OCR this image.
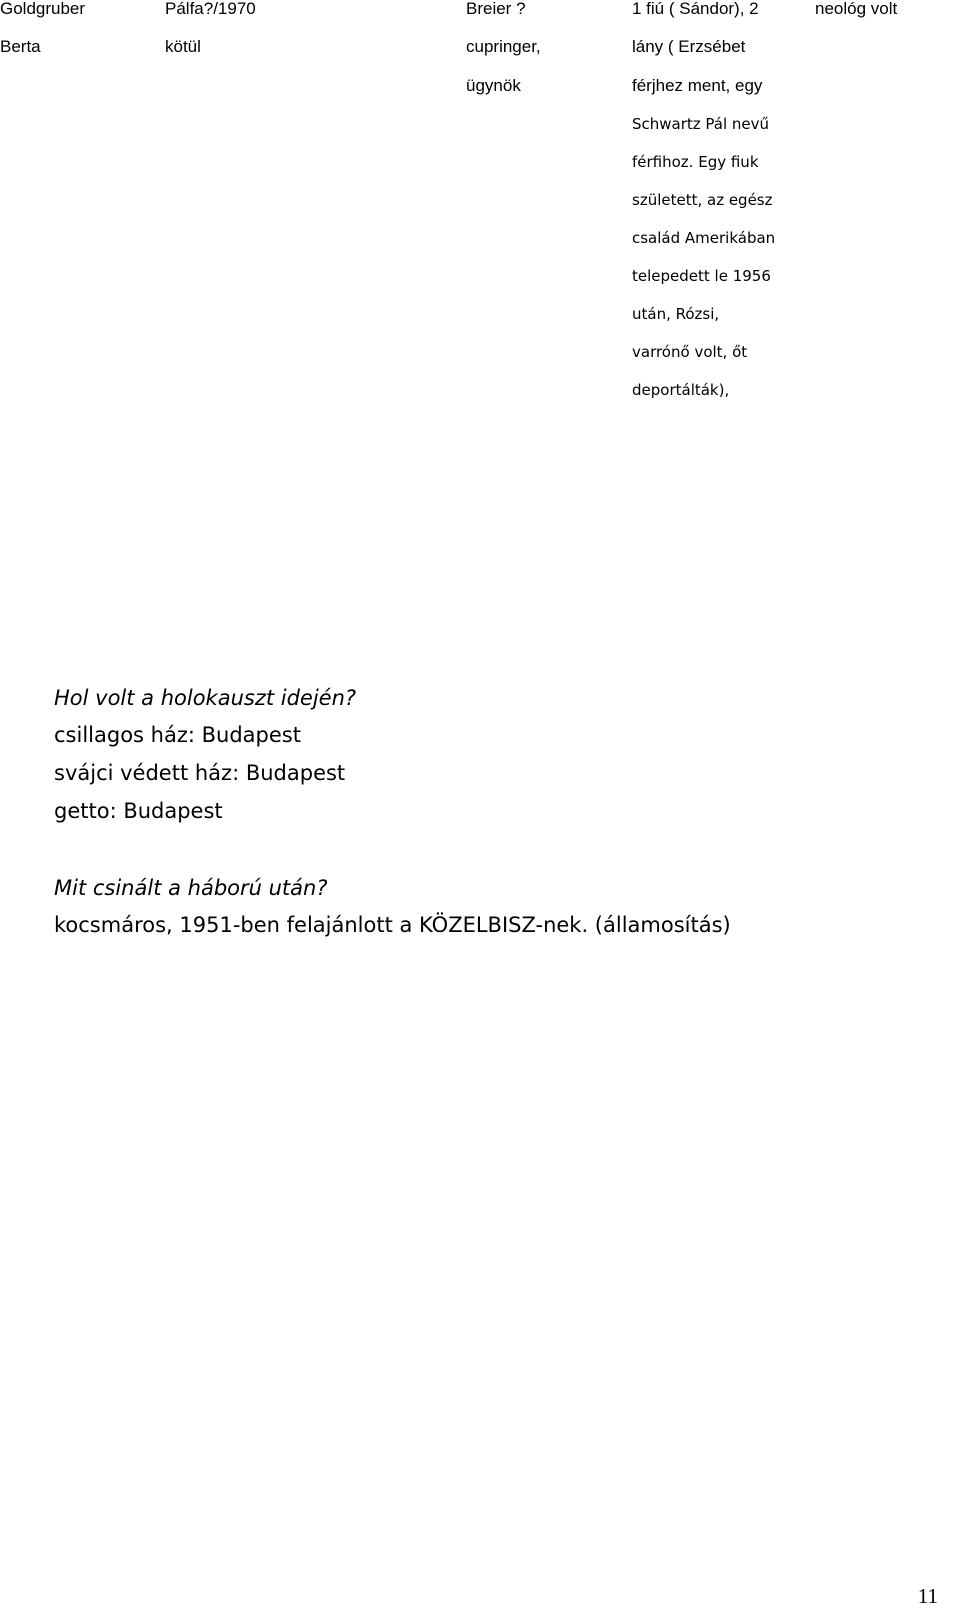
Goldgruber
Berta
Pálfa?/1970
kötül
Breier ?
cupringer,
ügynök
1 fiú ( Sándor), 2
lány ( Erzsébet
férjhez ment, egy
Schwartz Pál nevű
férfihoz. Egy fiuk
született, az egész
család Amerikában
telepedett le 1956
után, Rózsi,
varrónő volt, őt
deportálták),
neológ volt
Hol volt a holokauszt idején?
csillagos ház: Budapest
svájci védett ház: Budapest
getto: Budapest
Mit csinált a háború után?
kocsmáros, 1951-ben felajánlott a KÖZELBISZ-nek. (államosítás)
11
